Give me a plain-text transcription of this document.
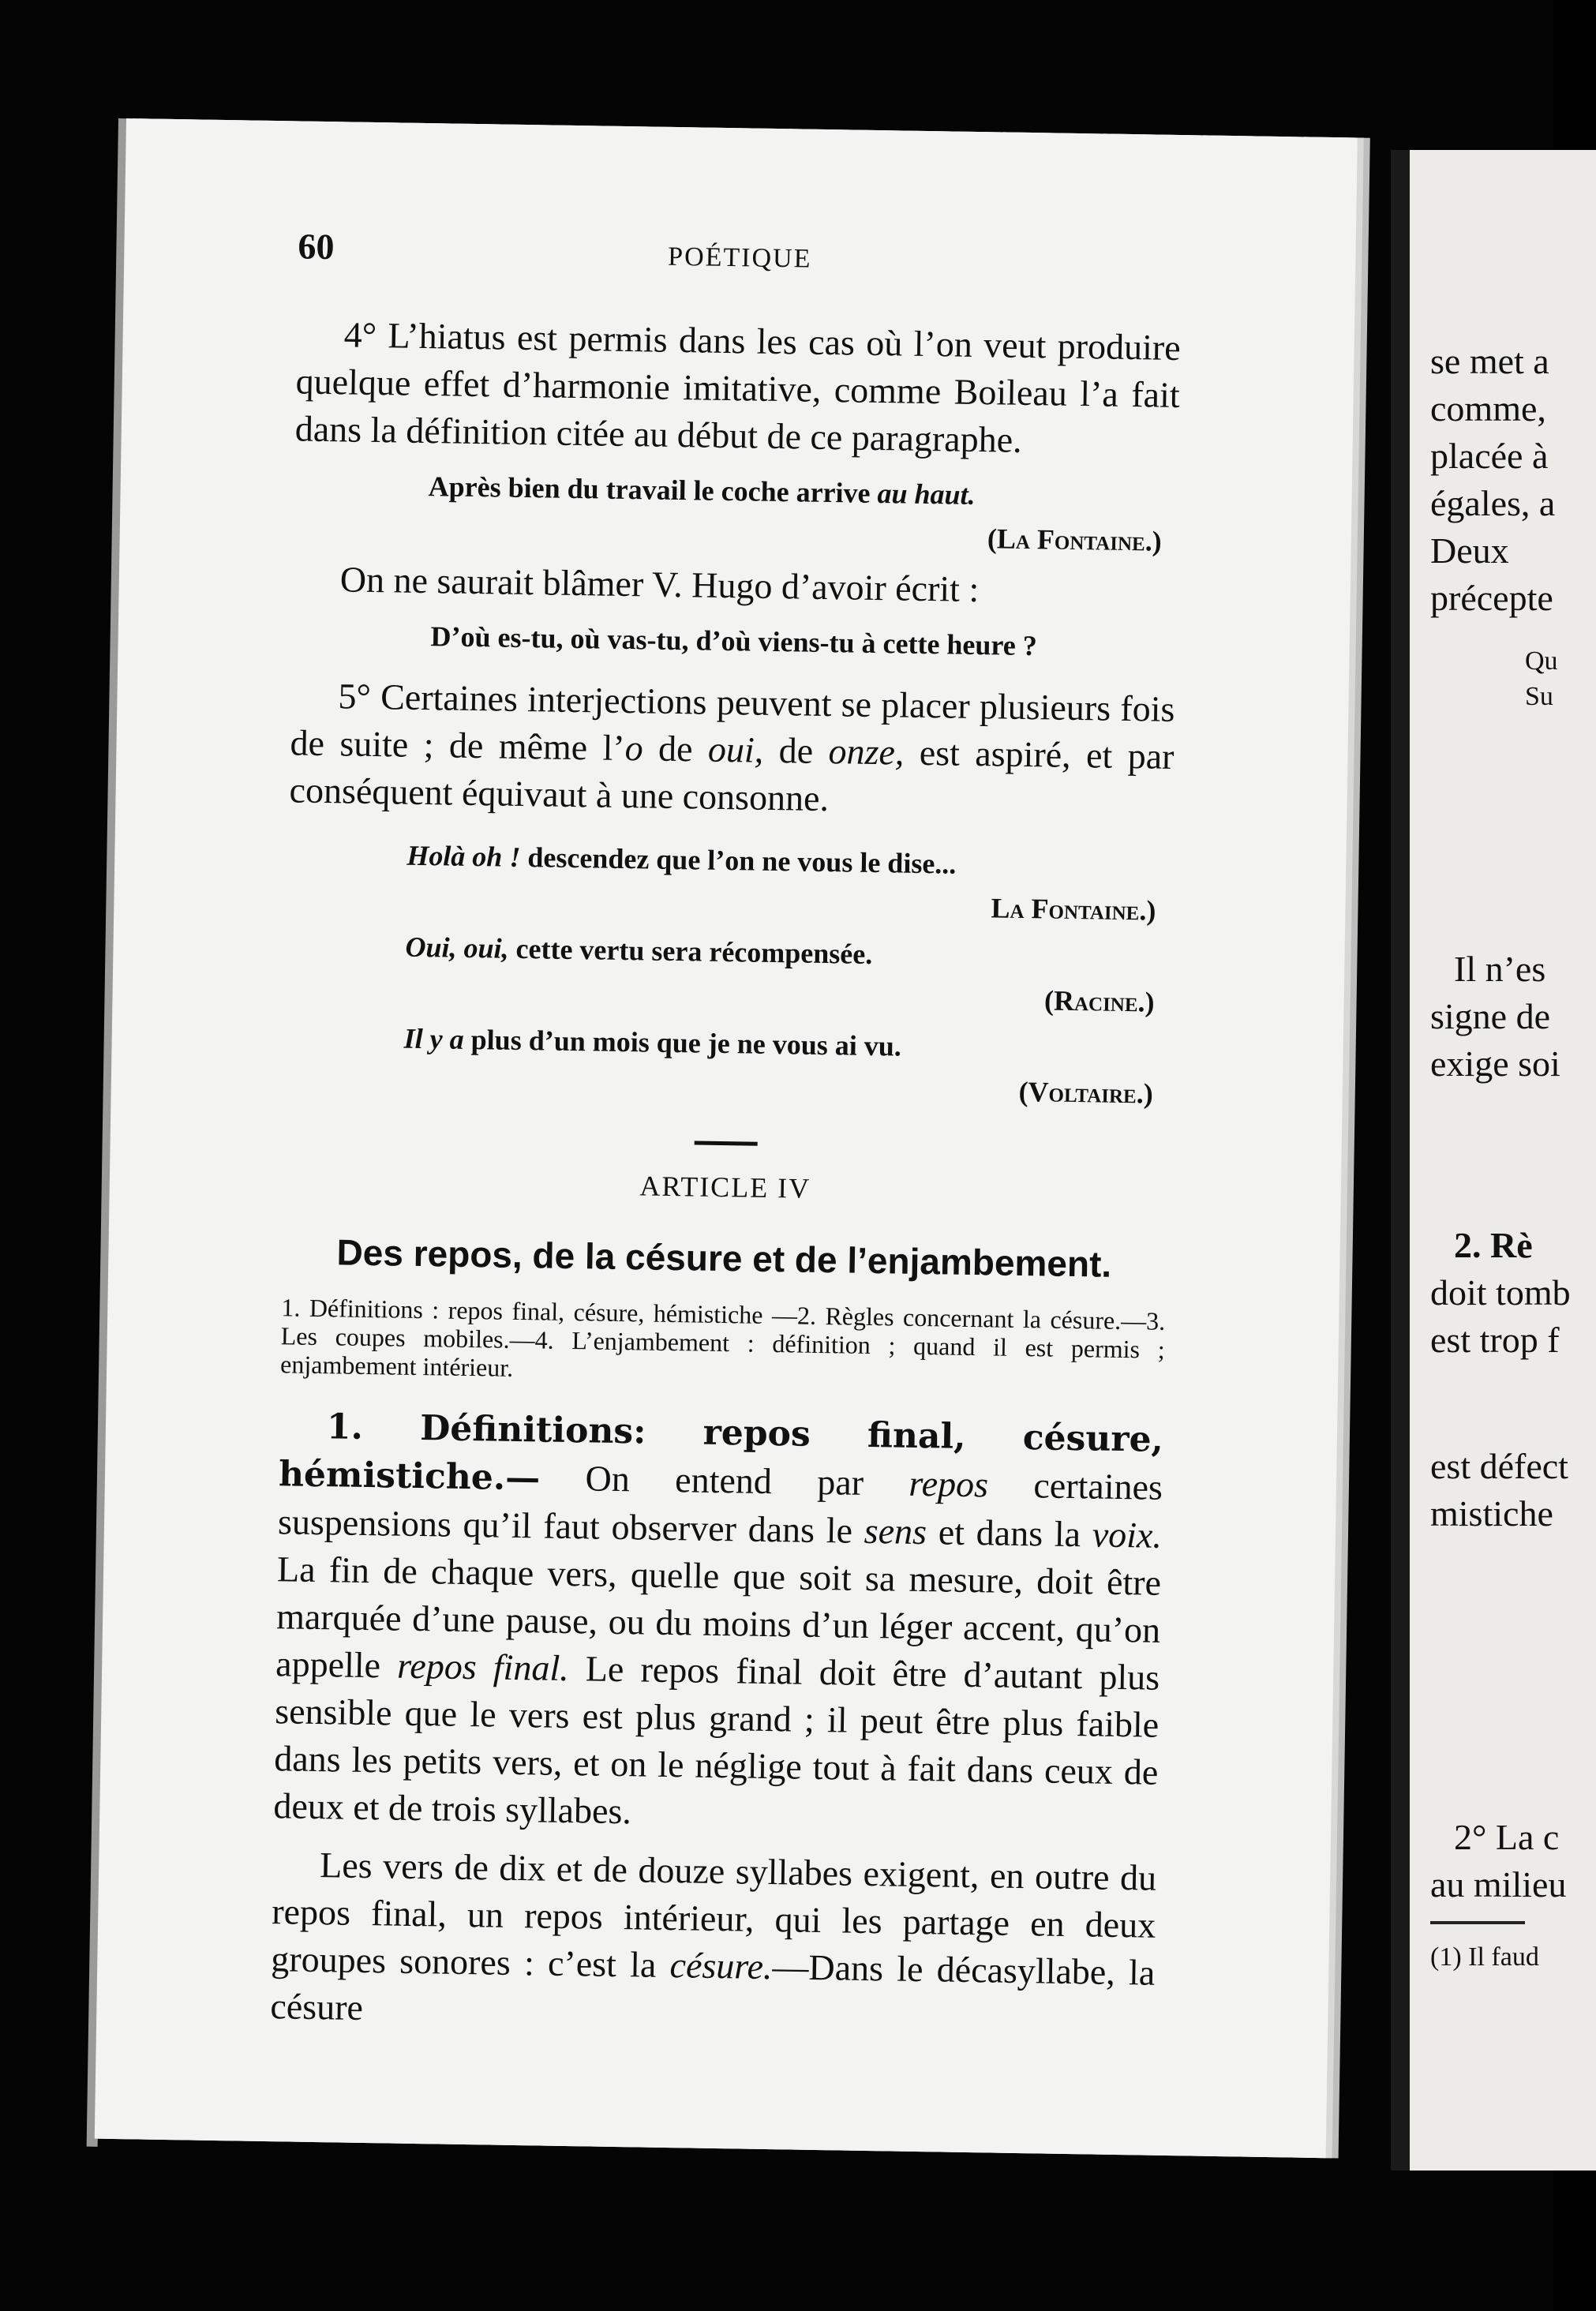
se met a
comme,
placée à
égales, a
Deux
précepte
Qu
Su
Il n’es
signe de
exige soi
2. Rè
doit tomb
est trop f
est défect
mistiche
2° La c
au milieu
(1) Il faud
60	POÉTIQUE

4° L’hiatus est permis dans les cas où l’on veut produire quelque effet d’harmonie imitative, comme Boileau l’a fait dans la définition citée au début de ce paragraphe.

Après bien du travail le coche arrive au haut.
(La Fontaine.)

On ne saurait blâmer V. Hugo d’avoir écrit :

D’où es-tu, où vas-tu, d’où viens-tu à cette heure ?

5° Certaines interjections peuvent se placer plusieurs fois de suite ; de même l’o de oui, de onze, est aspiré, et par conséquent équivaut à une consonne.

Holà oh ! descendez que l’on ne vous le dise...
La Fontaine.)
Oui, oui, cette vertu sera récompensée.
(Racine.)
Il y a plus d’un mois que je ne vous ai vu.
(Voltaire.)
ARTICLE IV
Des repos, de la césure et de l’enjambement.

1. Définitions : repos final, césure, hémistiche —2. Règles concernant la césure.—3. Les coupes mobiles.—4. L’enjambement : définition ; quand il est permis ; enjambement intérieur.

1. Définitions: repos final, césure, hémistiche.— On entend par repos certaines suspensions qu’il faut observer dans le sens et dans la voix. La fin de chaque vers, quelle que soit sa mesure, doit être marquée d’une pause, ou du moins d’un léger accent, qu’on appelle repos final. Le repos final doit être d’autant plus sensible que le vers est plus grand ; il peut être plus faible dans les petits vers, et on le néglige tout à fait dans ceux de deux et de trois syllabes.

Les vers de dix et de douze syllabes exigent, en outre du repos final, un repos intérieur, qui les partage en deux groupes sonores : c’est la césure.—Dans le décasyllabe, la césure
